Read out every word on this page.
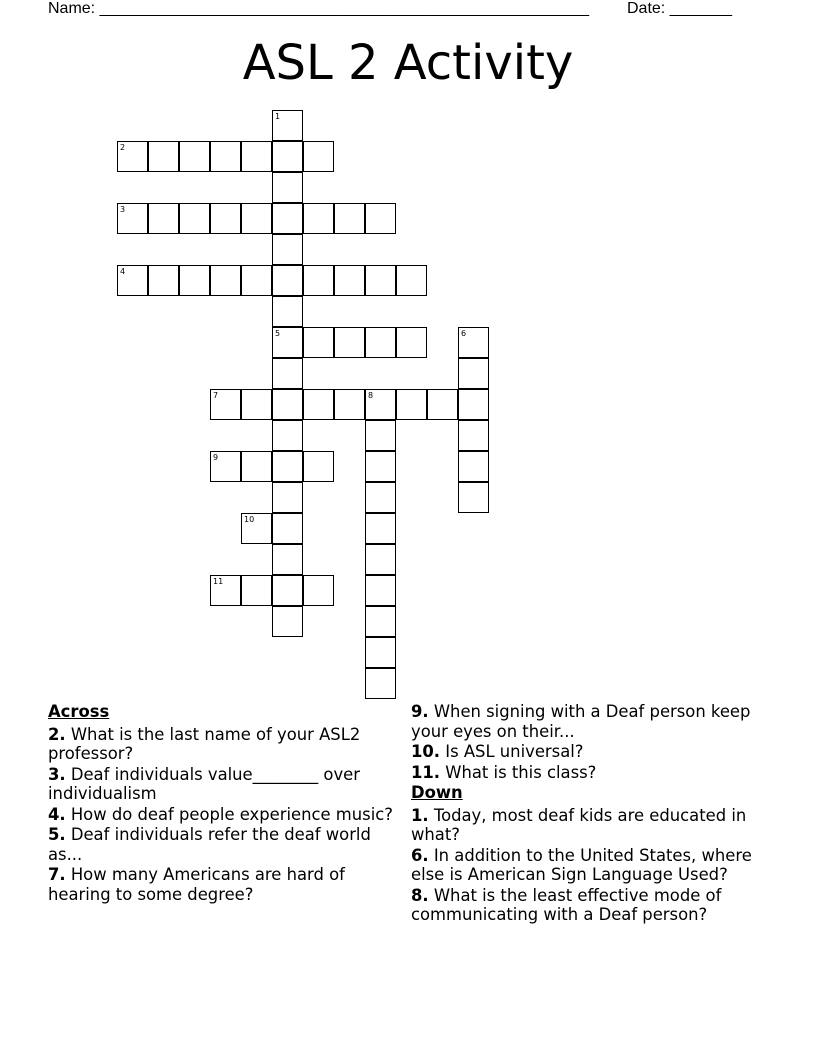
Name: _______________________________________________________ Date: _______
ASL 2 Activity
1
5
2
3
4
6
7	8
9
10
11
Across
2. What is the last name of your ASL2 professor?
3. Deaf individuals value________ over individualism
4. How do deaf people experience music?
5. Deaf individuals refer the deaf world as...
7. How many Americans are hard of hearing to some degree?
9. When signing with a Deaf person keep your eyes on their...
10. Is ASL universal?
11. What is this class?
Down
1. Today, most deaf kids are educated in what?
6. In addition to the United States, where else is American Sign Language Used?
8. What is the least effective mode of communicating with a Deaf person?
